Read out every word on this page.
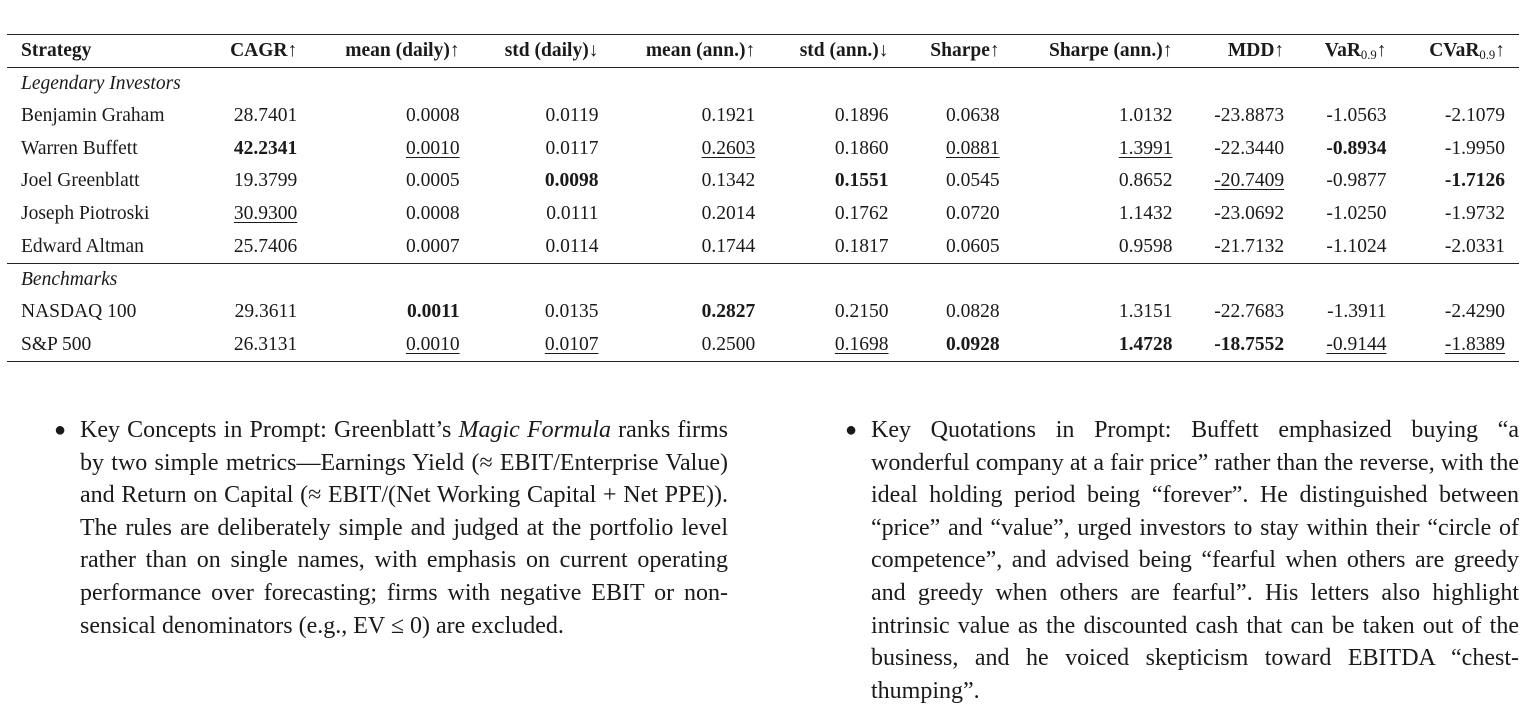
Strategy	CAGR↑	mean (daily)↑	std (daily)↓	mean (ann.)↑	std (ann.)↓	Sharpe↑	Sharpe (ann.)↑	MDD↑	VaR$_{0.9}$↑	CVaR$_{0.9}$↑
Legendary Investors										
Benjamin Graham	28.7401	0.0008	0.0119	0.1921	0.1896	0.0638	1.0132	-23.8873	-1.0563	-2.1079
Warren Buffett	42.2341	0.0010	0.0117	0.2603	0.1860	0.0881	1.3991	-22.3440	-0.8934	-1.9950
Joel Greenblatt	19.3799	0.0005	0.0098	0.1342	0.1551	0.0545	0.8652	-20.7409	-0.9877	-1.7126
Joseph Piotroski	30.9300	0.0008	0.0111	0.2014	0.1762	0.0720	1.1432	-23.0692	-1.0250	-1.9732
Edward Altman	25.7406	0.0007	0.0114	0.1744	0.1817	0.0605	0.9598	-21.7132	-1.1024	-2.0331
Benchmarks										
NASDAQ 100	29.3611	0.0011	0.0135	0.2827	0.2150	0.0828	1.3151	-22.7683	-1.3911	-2.4290
S&P 500	26.3131	0.0010	0.0107	0.2500	0.1698	0.0928	1.4728	-18.7552	-0.9144	-1.8389
● Key Concepts in Prompt: Greenblatt’s Magic Formula ranks firms by two simple metrics—Earnings Yield (≈ EBIT/Enterprise Value) and Return on Capital (≈ EBIT/(Net Working Capital + Net PPE)). The rules are deliberately simple and judged at the portfolio level rather than on single names, with emphasis on current operating performance over forecasting; firms with negative EBIT or non-sensical denominators (e.g., EV ≤ 0) are excluded.
● Key Quotations in Prompt: Buffett emphasized buying “a wonderful company at a fair price” rather than the reverse, with the ideal holding period being “forever”. He distinguished between “price” and “value”, urged investors to stay within their “circle of competence”, and advised being “fearful when others are greedy and greedy when others are fearful”. His letters also highlight intrinsic value as the discounted cash that can be taken out of the business, and he voiced skepticism toward EBITDA “chest-thumping”.
